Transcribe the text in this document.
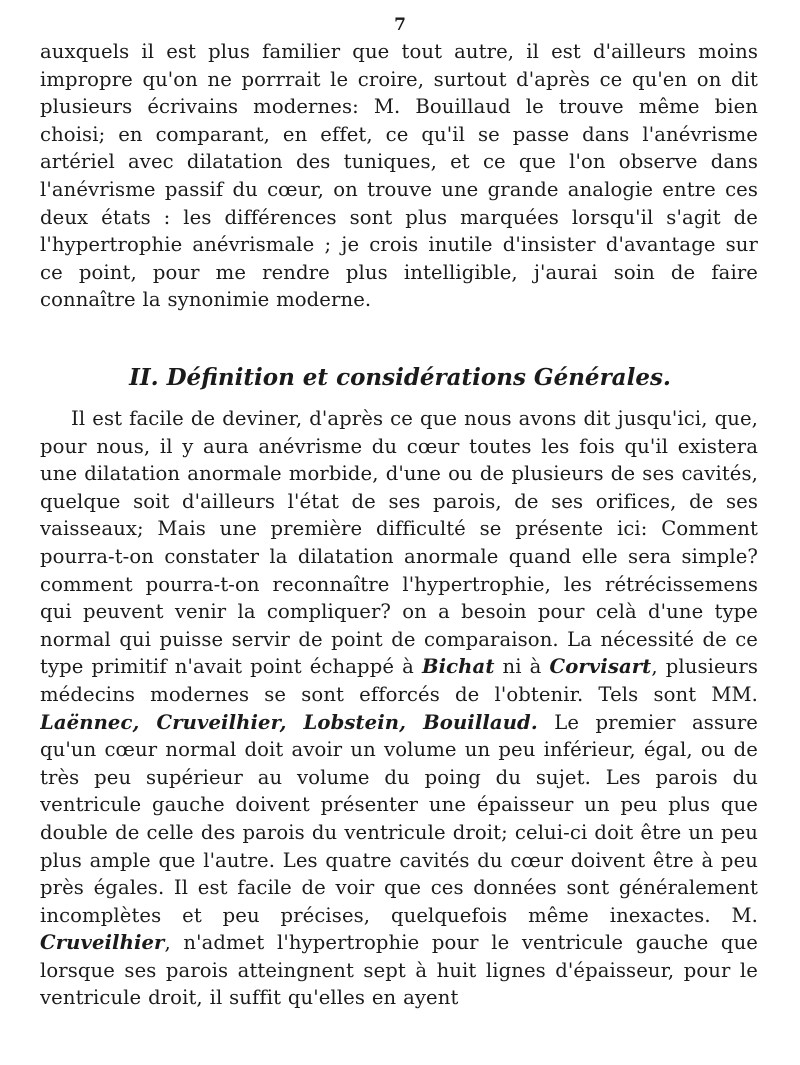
7

auxquels il est plus familier que tout autre, il est d'ailleurs moins impropre qu'on ne porrrait le croire, surtout d'après ce qu'en on dit plusieurs écrivains modernes: M. Bouillaud le trouve même bien choisi; en comparant, en effet, ce qu'il se passe dans l'anévrisme artériel avec dilatation des tuniques, et ce que l'on observe dans l'anévrisme passif du cœur, on trouve une grande analogie entre ces deux états : les différences sont plus marquées lorsqu'il s'agit de l'hypertrophie anévrismale ; je crois inutile d'insister d'avantage sur ce point, pour me rendre plus intelligible, j'aurai soin de faire connaître la synonimie moderne.

II. Définition et considérations Générales.

Il est facile de deviner, d'après ce que nous avons dit jusqu'ici, que, pour nous, il y aura anévrisme du cœur toutes les fois qu'il existera une dilatation anormale morbide, d'une ou de plusieurs de ses cavités, quelque soit d'ailleurs l'état de ses parois, de ses orifices, de ses vaisseaux; Mais une première difficulté se présente ici: Comment pourra-t-on constater la dilatation anormale quand elle sera simple? comment pourra-t-on reconnaître l'hypertrophie, les rétrécissemens qui peuvent venir la compliquer? on a besoin pour celà d'une type normal qui puisse servir de point de comparaison. La nécessité de ce type primitif n'avait point échappé à Bichat ni à Corvisart, plusieurs médecins modernes se sont efforcés de l'obtenir. Tels sont MM. Laënnec, Cruveilhier, Lobstein, Bouillaud. Le premier assure qu'un cœur normal doit avoir un volume un peu inférieur, égal, ou de très peu supérieur au volume du poing du sujet. Les parois du ventricule gauche doivent présenter une épaisseur un peu plus que double de celle des parois du ventricule droit; celui-ci doit être un peu plus ample que l'autre. Les quatre cavités du cœur doivent être à peu près égales. Il est facile de voir que ces données sont généralement incomplètes et peu précises, quelquefois même inexactes. M. Cruveilhier, n'admet l'hypertrophie pour le ventricule gauche que lorsque ses parois atteingnent sept à huit lignes d'épaisseur, pour le ventricule droit, il suffit qu'elles en ayent
